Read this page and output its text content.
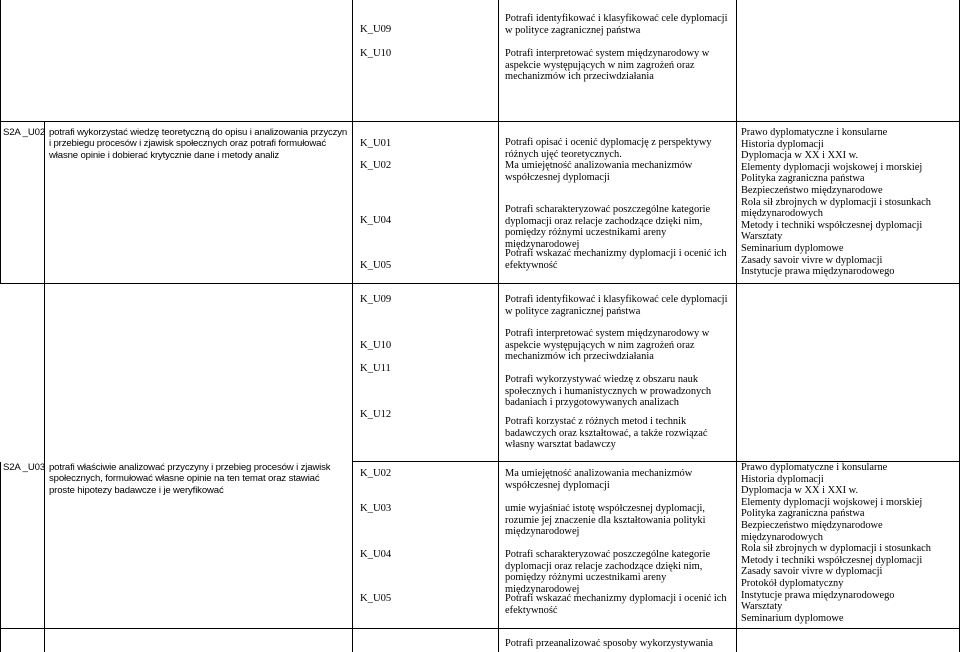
K_U09
K_U10
Potrafi identyfikować i klasyfikować cele dyplomacji w polityce zagranicznej państwa
Potrafi interpretować system międzynarodowy w aspekcie występujących w nim zagrożeń oraz mechanizmów ich przeciwdziałania
S2A _U02 potrafi wykorzystać wiedzę teoretyczną do opisu i analizowania przyczyn i przebiegu procesów i zjawisk społecznych oraz potrafi formułować własne opinie i dobierać krytycznie dane i metody analiz
K_U01
K_U02
K_U04
K_U05
Potrafi opisać i ocenić dyplomację z perspektywy różnych ujęć teoretycznych.
Ma umiejętność analizowania mechanizmów współczesnej dyplomacji
Potrafi scharakteryzować poszczególne kategorie dyplomacji oraz relacje zachodzące dzięki nim, pomiędzy różnymi uczestnikami areny międzynarodowej
Potrafi wskazać mechanizmy dyplomacji i ocenić ich efektywność
Prawo dyplomatyczne i konsularne
Historia dyplomacji
Dyplomacja w XX i XXI w.
Elementy dyplomacji wojskowej i morskiej
Polityka zagraniczna państwa
Bezpieczeństwo międzynarodowe
Rola sił zbrojnych w dyplomacji i stosunkach
międzynarodowych
Metody i techniki współczesnej dyplomacji
Warsztaty
Seminarium dyplomowe
Zasady savoir vivre w dyplomacji
Instytucje prawa międzynarodowego
K_U09
K_U10
K_U11
K_U12
Potrafi identyfikować i klasyfikować cele dyplomacji w polityce zagranicznej państwa
Potrafi interpretować system międzynarodowy w aspekcie występujących w nim zagrożeń oraz mechanizmów ich przeciwdziałania
Potrafi wykorzystywać wiedzę z obszaru nauk społecznych i humanistycznych w prowadzonych badaniach i przygotowywanych analizach
Potrafi korzystać z różnych metod i technik badawczych oraz kształtować, a także rozwiązać własny warsztat badawczy
S2A _U03 potrafi właściwie analizować przyczyny i przebieg procesów i zjawisk społecznych, formułować własne opinie na ten temat oraz stawiać proste hipotezy badawcze i je weryfikować
K_U02
K_U03
K_U04
K_U05
Ma umiejętność analizowania mechanizmów współczesnej dyplomacji
umie wyjaśniać istotę współczesnej dyplomacji, rozumie jej znaczenie dla kształtowania polityki międzynarodowej
Potrafi scharakteryzować poszczególne kategorie dyplomacji oraz relacje zachodzące dzięki nim, pomiędzy różnymi uczestnikami areny międzynarodowej
Potrafi wskazać mechanizmy dyplomacji i ocenić ich efektywność
Prawo dyplomatyczne i konsularne
Historia dyplomacji
Dyplomacja w XX i XXI w.
Elementy dyplomacji wojskowej i morskiej
Polityka zagraniczna państwa
Bezpieczeństwo międzynarodowe
międzynarodowych
Rola sił zbrojnych w dyplomacji i stosunkach
Metody i techniki współczesnej dyplomacji
Zasady savoir vivre w dyplomacji
Protokół dyplomatyczny
Instytucje prawa międzynarodowego
Warsztaty
Seminarium dyplomowe
Potrafi przeanalizować sposoby wykorzystywania
